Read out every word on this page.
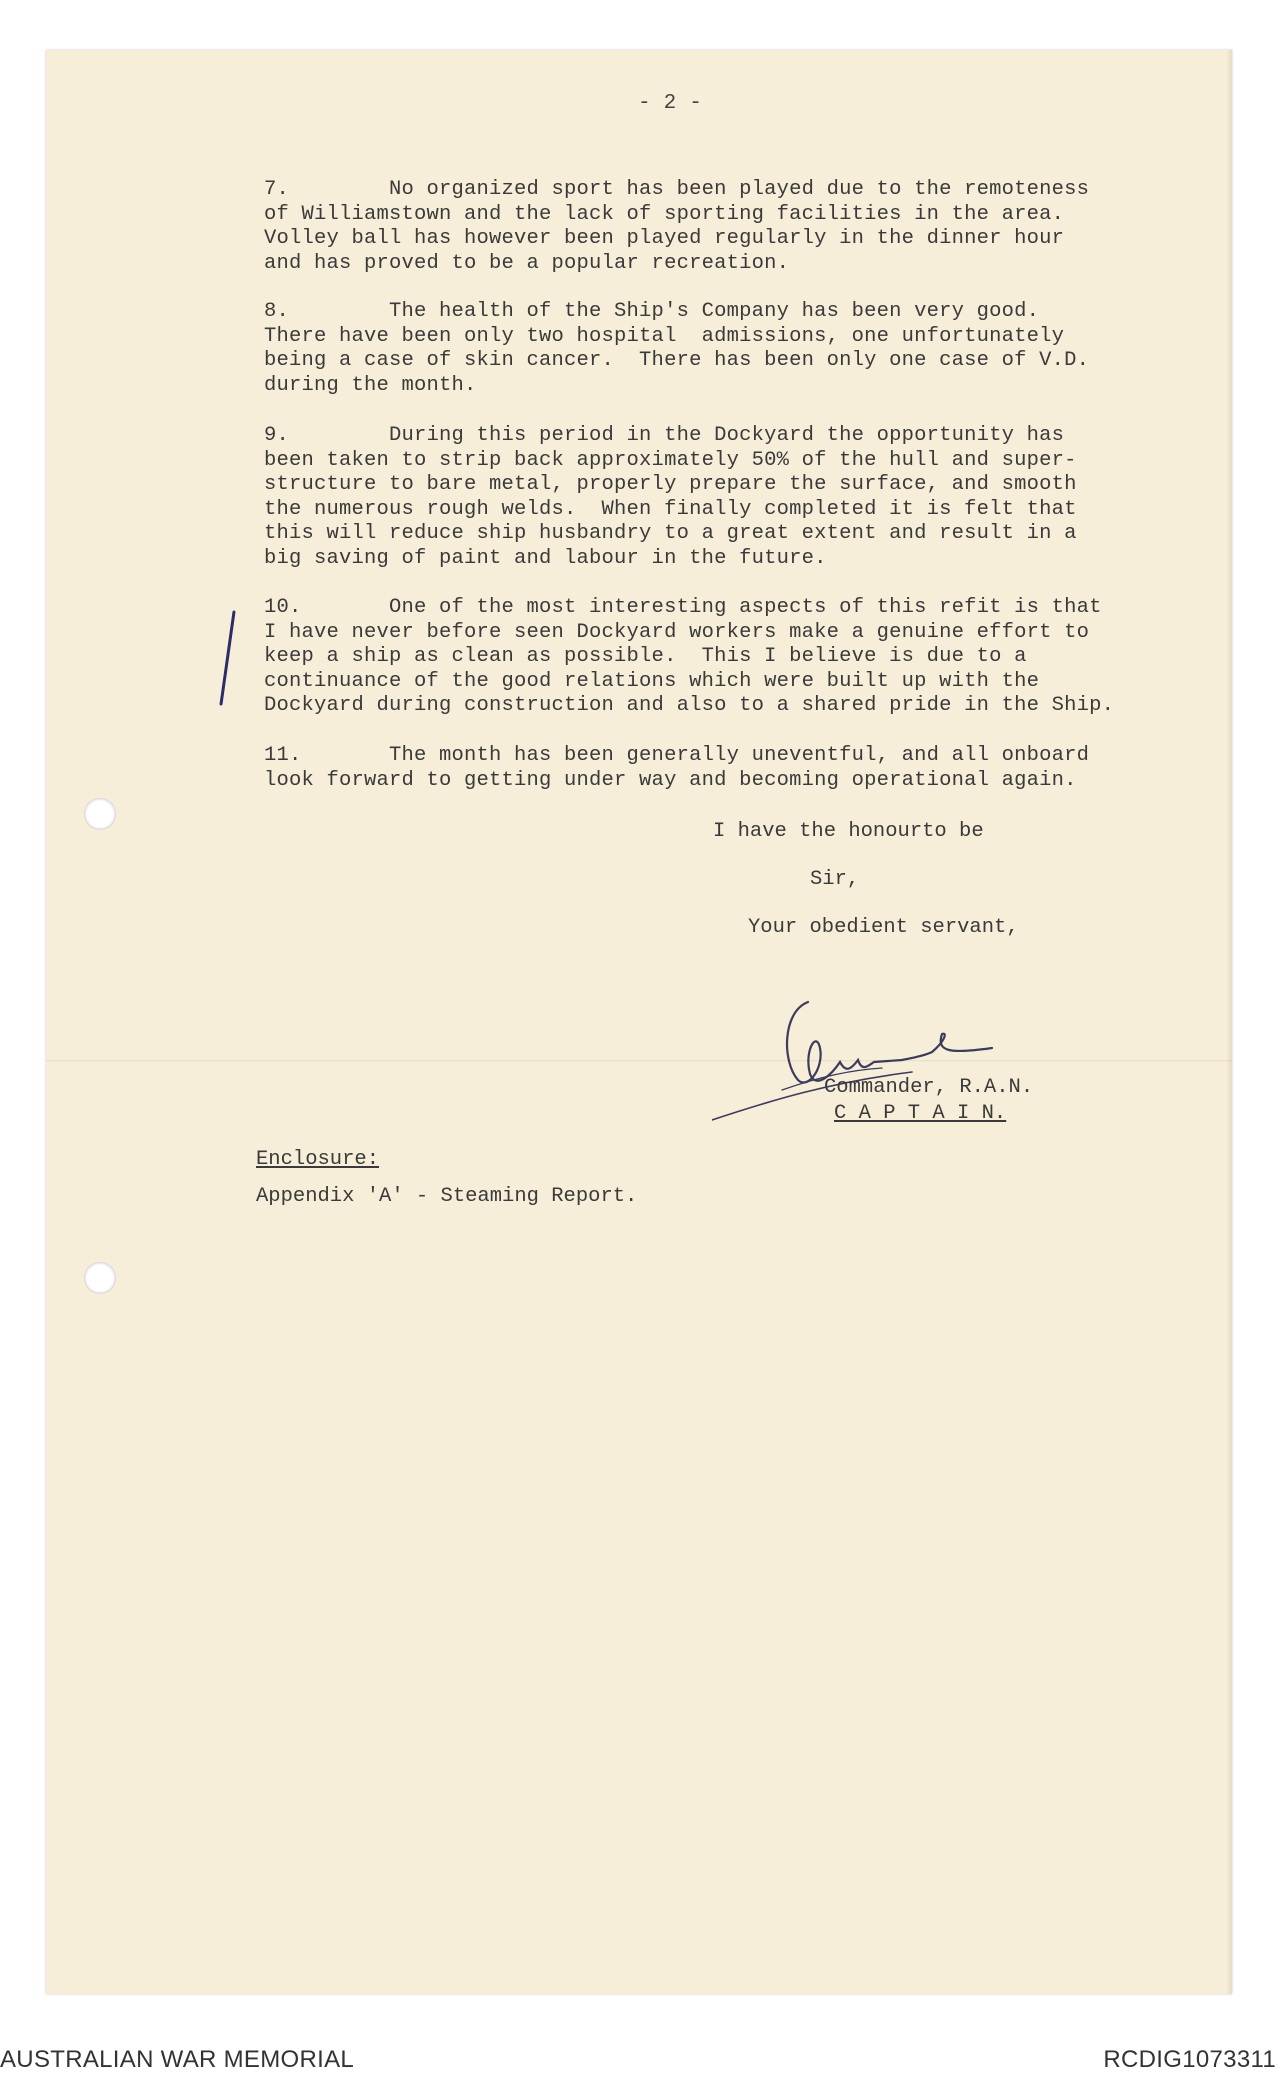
- 2 -
7.        No organized sport has been played due to the remoteness
of Williamstown and the lack of sporting facilities in the area.
Volley ball has however been played regularly in the dinner hour
and has proved to be a popular recreation.
8.        The health of the Ship's Company has been very good.
There have been only two hospital  admissions, one unfortunately
being a case of skin cancer.  There has been only one case of V.D.
during the month.
9.        During this period in the Dockyard the opportunity has
been taken to strip back approximately 50% of the hull and super-
structure to bare metal, properly prepare the surface, and smooth
the numerous rough welds.  When finally completed it is felt that
this will reduce ship husbandry to a great extent and result in a
big saving of paint and labour in the future.
10.       One of the most interesting aspects of this refit is that
I have never before seen Dockyard workers make a genuine effort to
keep a ship as clean as possible.  This I believe is due to a
continuance of the good relations which were built up with the
Dockyard during construction and also to a shared pride in the Ship.
11.       The month has been generally uneventful, and all onboard
look forward to getting under way and becoming operational again.
I have the honourto be
Sir,
Your obedient servant,
Commander, R.A.N.
C A P T A I N.
Enclosure:
Appendix 'A' - Steaming Report.
AUSTRALIAN WAR MEMORIAL	RCDIG1073311
